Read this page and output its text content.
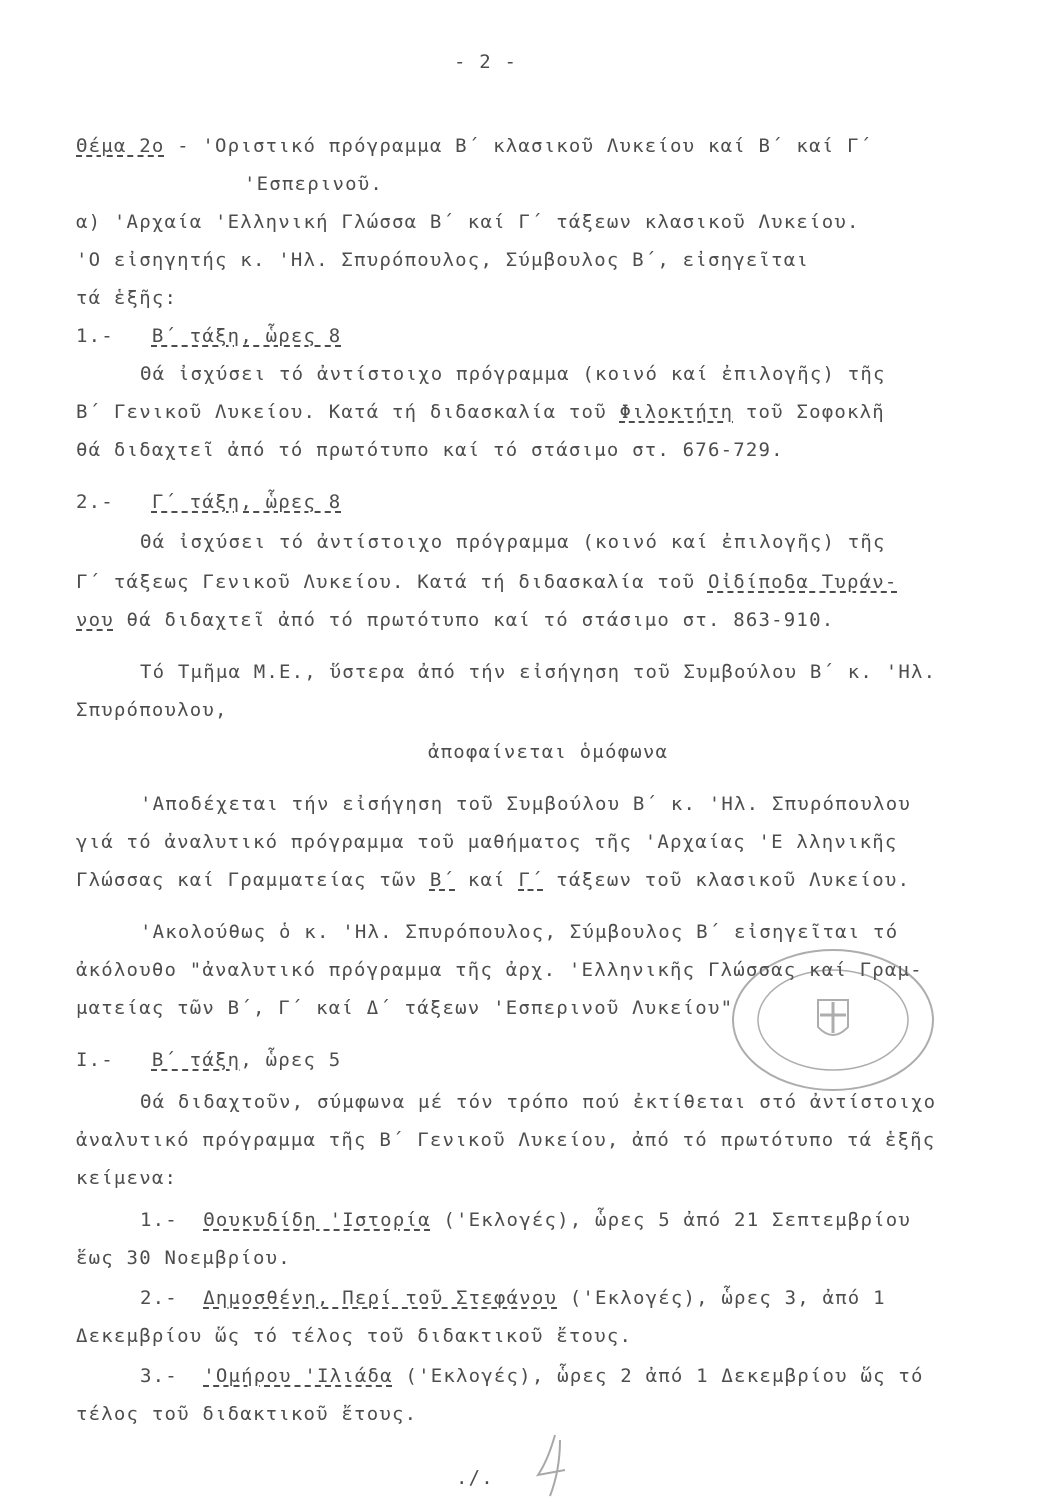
- 2 -
Θέμα 2ο - 'Οριστικό πρόγραμμα Β΄ κλασικοῦ Λυκείου καί Β΄ καί Γ΄
'Εσπερινοῦ.
α) 'Αρχαία 'Ελληνική Γλώσσα Β΄ καί Γ΄ τάξεων κλασικοῦ Λυκείου.
'Ο εἰσηγητής κ. 'Ηλ. Σπυρόπουλος, Σύμβουλος Β΄, εἰσηγεῖται
τά ἑξῆς:
1.- Β΄ τάξη, ὧρες 8
Θά ἰσχύσει τό ἀντίστοιχο πρόγραμμα (κοινό καί ἐπιλογῆς) τῆς
Β΄ Γενικοῦ Λυκείου. Κατά τή διδασκαλία τοῦ Φιλοκτήτη τοῦ Σοφοκλῆ
θά διδαχτεῖ ἀπό τό πρωτότυπο καί τό στάσιμο στ. 676-729.
2.- Γ΄ τάξη, ὧρες 8
Θά ἰσχύσει τό ἀντίστοιχο πρόγραμμα (κοινό καί ἐπιλογῆς) τῆς
Γ΄ τάξεως Γενικοῦ Λυκείου. Κατά τή διδασκαλία τοῦ Οἰδίποδα Τυράν-
νου θά διδαχτεῖ ἀπό τό πρωτότυπο καί τό στάσιμο στ. 863-910.
Τό Τμῆμα Μ.Ε., ὕστερα ἀπό τήν εἰσήγηση τοῦ Συμβούλου Β΄ κ. 'Ηλ.
Σπυρόπουλου,
ἀποφαίνεται ὁμόφωνα
'Αποδέχεται τήν εἰσήγηση τοῦ Συμβούλου Β΄ κ. 'Ηλ. Σπυρόπουλου
γιά τό ἀναλυτικό πρόγραμμα τοῦ μαθήματος τῆς 'Αρχαίας 'Ε λληνικῆς
Γλώσσας καί Γραμματείας τῶν Β΄ καί Γ΄ τάξεων τοῦ κλασικοῦ Λυκείου.
'Ακολούθως ὁ κ. 'Ηλ. Σπυρόπουλος, Σύμβουλος Β΄ εἰσηγεῖται τό
ἀκόλουθο "ἀναλυτικό πρόγραμμα τῆς ἀρχ. 'Ελληνικῆς Γλώσσας καί Γραμ-
ματείας τῶν Β΄, Γ΄ καί Δ΄ τάξεων 'Εσπερινοῦ Λυκείου"
Ι.- Β΄ τάξη, ὧρες 5
Θά διδαχτοῦν, σύμφωνα μέ τόν τρόπο πού ἐκτίθεται στό ἀντίστοιχο
ἀναλυτικό πρόγραμμα τῆς Β΄ Γενικοῦ Λυκείου, ἀπό τό πρωτότυπο τά ἑξῆς
κείμενα:
1.- Θουκυδίδη 'Ιστορία ('Εκλογές), ὧρες 5 ἀπό 21 Σεπτεμβρίου
ἕως 30 Νοεμβρίου.
2.- Δημοσθένη, Περί τοῦ Στεφάνου ('Εκλογές), ὧρες 3, ἀπό 1
Δεκεμβρίου ὥς τό τέλος τοῦ διδακτικοῦ ἔτους.
3.- 'Ομήρου 'Ιλιάδα ('Εκλογές), ὧρες 2 ἀπό 1 Δεκεμβρίου ὥς τό
τέλος τοῦ διδακτικοῦ ἔτους.
.∕.
